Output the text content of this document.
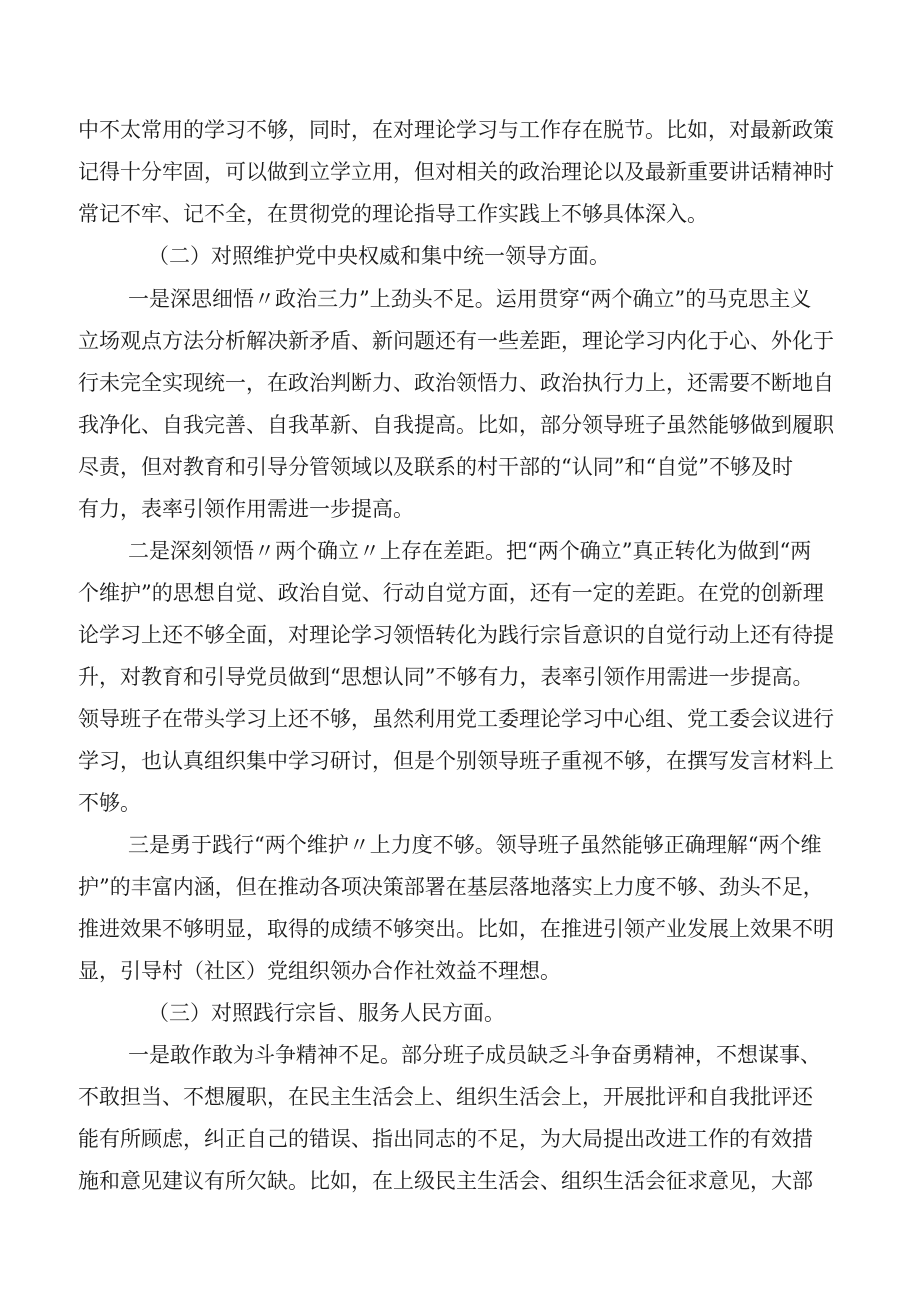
中不太常用的学习不够，同时，在对理论学习与工作存在脱节。比如，对最新政策
记得十分牢固，可以做到立学立用，但对相关的政治理论以及最新重要讲话精神时
常记不牢、记不全，在贯彻党的理论指导工作实践上不够具体深入。
（二）对照维护党中央权威和集中统一领导方面。
一是深思细悟〃政治三力”上劲头不足。运用贯穿“两个确立”的马克思主义
立场观点方法分析解决新矛盾、新问题还有一些差距，理论学习内化于心、外化于
行未完全实现统一，在政治判断力、政治领悟力、政治执行力上，还需要不断地自
我净化、自我完善、自我革新、自我提高。比如，部分领导班子虽然能够做到履职
尽责，但对教育和引导分管领域以及联系的村干部的“认同”和“自觉”不够及时
有力，表率引领作用需进一步提高。
二是深刻领悟〃两个确立〃上存在差距。把“两个确立”真正转化为做到“两
个维护”的思想自觉、政治自觉、行动自觉方面，还有一定的差距。在党的创新理
论学习上还不够全面，对理论学习领悟转化为践行宗旨意识的自觉行动上还有待提
升，对教育和引导党员做到“思想认同”不够有力，表率引领作用需进一步提高。
领导班子在带头学习上还不够，虽然利用党工委理论学习中心组、党工委会议进行
学习，也认真组织集中学习研讨，但是个别领导班子重视不够，在撰写发言材料上
不够。
三是勇于践行“两个维护〃上力度不够。领导班子虽然能够正确理解“两个维
护”的丰富内涵，但在推动各项决策部署在基层落地落实上力度不够、劲头不足，
推进效果不够明显，取得的成绩不够突出。比如，在推进引领产业发展上效果不明
显，引导村（社区）党组织领办合作社效益不理想。
（三）对照践行宗旨、服务人民方面。
一是敢作敢为斗争精神不足。部分班子成员缺乏斗争奋勇精神，不想谋事、
不敢担当、不想履职，在民主生活会上、组织生活会上，开展批评和自我批评还
能有所顾虑，纠正自己的错误、指出同志的不足，为大局提出改进工作的有效措
施和意见建议有所欠缺。比如，在上级民主生活会、组织生活会征求意见，大部
